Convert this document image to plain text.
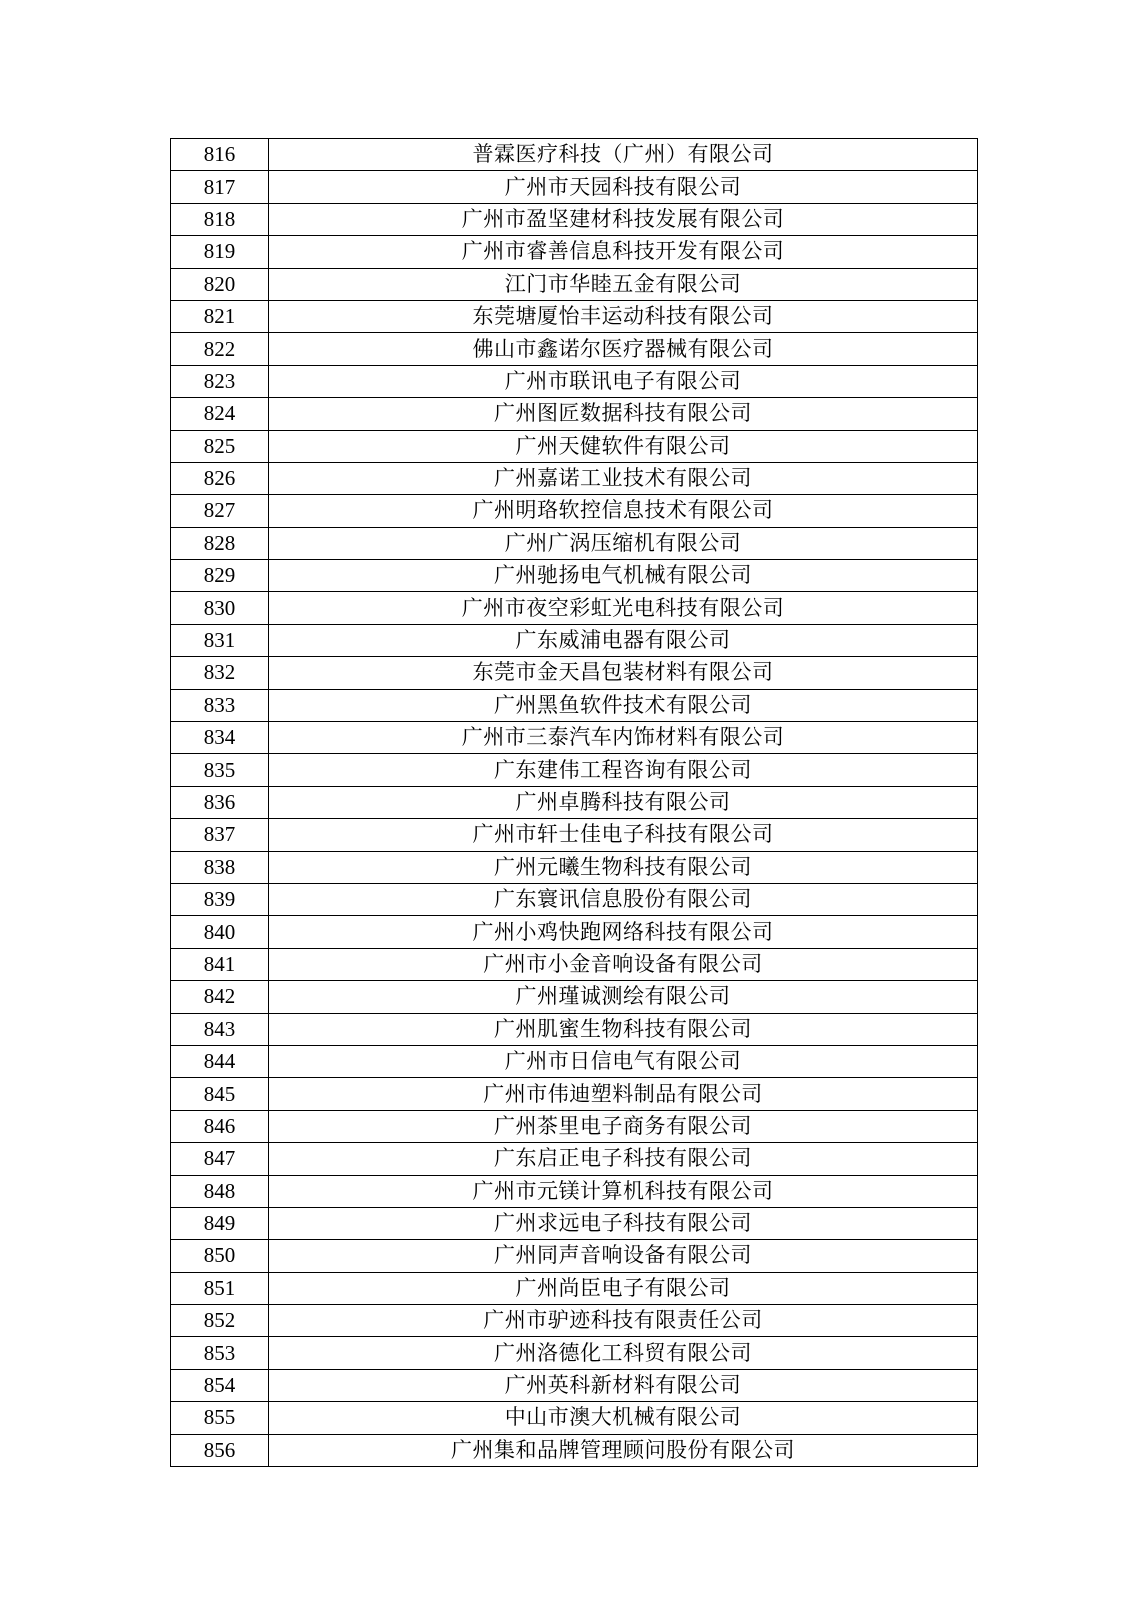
816	普霖医疗科技（广州）有限公司
817	广州市天园科技有限公司
818	广州市盈坚建材科技发展有限公司
819	广州市睿善信息科技开发有限公司
820	江门市华睦五金有限公司
821	东莞塘厦怡丰运动科技有限公司
822	佛山市鑫诺尔医疗器械有限公司
823	广州市联讯电子有限公司
824	广州图匠数据科技有限公司
825	广州天健软件有限公司
826	广州嘉诺工业技术有限公司
827	广州明珞软控信息技术有限公司
828	广州广涡压缩机有限公司
829	广州驰扬电气机械有限公司
830	广州市夜空彩虹光电科技有限公司
831	广东威浦电器有限公司
832	东莞市金天昌包装材料有限公司
833	广州黑鱼软件技术有限公司
834	广州市三泰汽车内饰材料有限公司
835	广东建伟工程咨询有限公司
836	广州卓腾科技有限公司
837	广州市轩士佳电子科技有限公司
838	广州元曦生物科技有限公司
839	广东寰讯信息股份有限公司
840	广州小鸡快跑网络科技有限公司
841	广州市小金音响设备有限公司
842	广州瑾诚测绘有限公司
843	广州肌蜜生物科技有限公司
844	广州市日信电气有限公司
845	广州市伟迪塑料制品有限公司
846	广州茶里电子商务有限公司
847	广东启正电子科技有限公司
848	广州市元镁计算机科技有限公司
849	广州求远电子科技有限公司
850	广州同声音响设备有限公司
851	广州尚臣电子有限公司
852	广州市驴迹科技有限责任公司
853	广州洛德化工科贸有限公司
854	广州英科新材料有限公司
855	中山市澳大机械有限公司
856	广州集和品牌管理顾问股份有限公司
